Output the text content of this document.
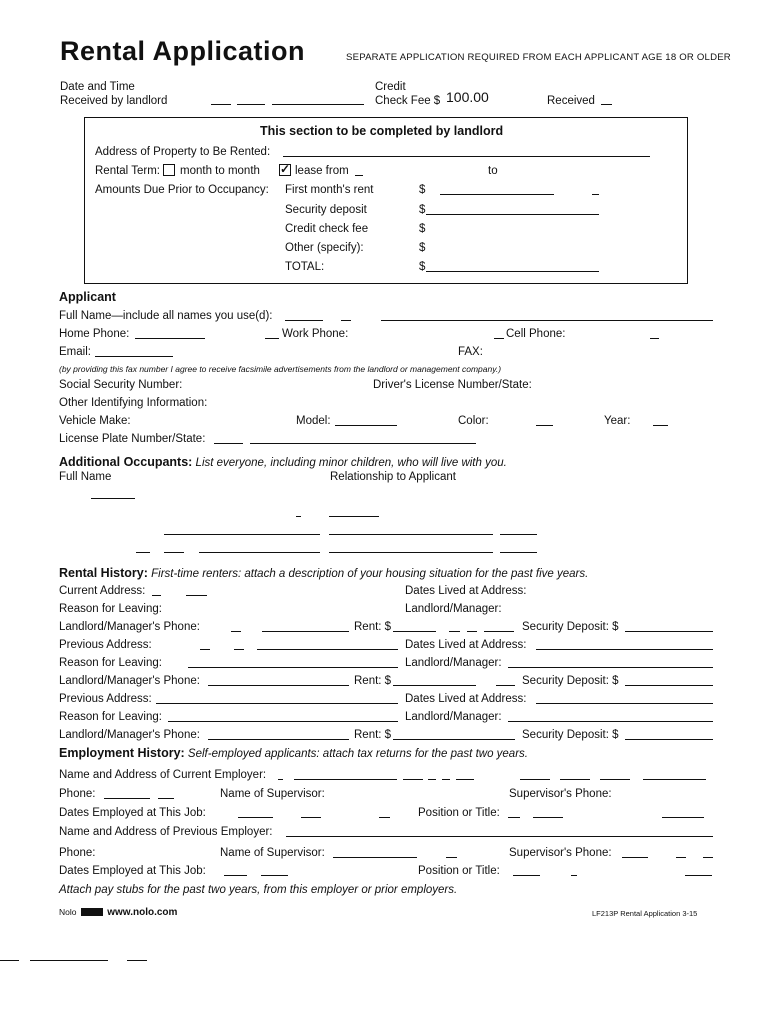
Rental Application	SEPARATE APPLICATION REQUIRED FROM EACH APPLICANT AGE 18 OR OLDER
Date and Time
Received by landlord
Credit
Check Fee $ 100.00	Received
This section to be completed by landlord
Address of Property to Be Rented:
Rental Term: month to month ✓ lease from	to
Amounts Due Prior to Occupancy: First month's rent	$
Security deposit	$
Credit check fee	$
Other (specify):	$
TOTAL:	$
Applicant
Full Name—include all names you use(d):
Home Phone:	Work Phone:	Cell Phone:
Email:	FAX:
(by providing this fax number I agree to receive facsimile advertisements from the landlord or management company.)
Social Security Number:	Driver's License Number/State:
Other Identifying Information:
Vehicle Make:	Model:	Color:	Year:
License Plate Number/State:
Additional Occupants: List everyone, including minor children, who will live with you.
Full Name	Relationship to Applicant
Rental History: First-time renters: attach a description of your housing situation for the past five years.
Current Address:	Dates Lived at Address:
Reason for Leaving:	Landlord/Manager:
Landlord/Manager's Phone:	Rent: $	Security Deposit: $
Previous Address:	Dates Lived at Address:
Reason for Leaving:	Landlord/Manager:
Landlord/Manager's Phone:	Rent: $	Security Deposit: $
Previous Address:	Dates Lived at Address:
Reason for Leaving:	Landlord/Manager:
Landlord/Manager's Phone:	Rent: $	Security Deposit: $
Employment History: Self-employed applicants: attach tax returns for the past two years.
Name and Address of Current Employer:
Phone:	Name of Supervisor:	Supervisor's Phone:
Dates Employed at This Job:	Position or Title:
Name and Address of Previous Employer:
Phone:	Name of Supervisor:	Supervisor's Phone:
Dates Employed at This Job:	Position or Title:
Attach pay stubs for the past two years, from this employer or prior employers.
Nolo	www.nolo.com	LF213P Rental Application 3-15
